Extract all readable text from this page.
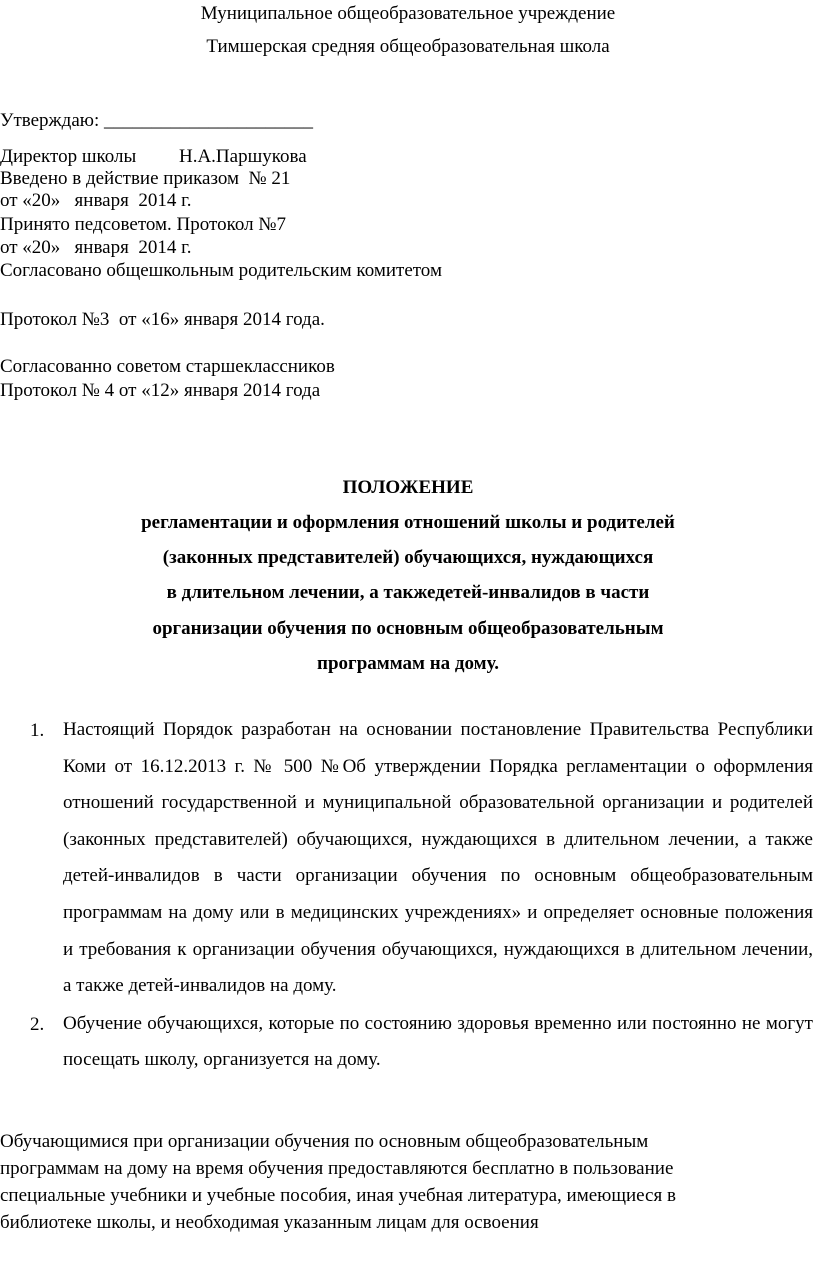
Муниципальное общеобразовательное учреждение
Тимшерская средняя общеобразовательная школа
Утверждаю: ______________________
Директор школы         Н.А.Паршукова
Введено в действие приказом  № 21
от «20»   января  2014 г.
Принято педсоветом. Протокол №7
от «20»   января  2014 г.
Согласовано общешкольным родительским комитетом
Протокол №3  от «16» января 2014 года.
Согласованно советом старшеклассников
Протокол № 4 от «12» января 2014 года
ПОЛОЖЕНИЕ
регламентации и оформления отношений школы и родителей
(законных представителей) обучающихся, нуждающихся
в длительном лечении, а такжедетей-инвалидов в части
организации обучения по основным общеобразовательным
программам на дому.
1. Настоящий Порядок разработан на основании постановление Правительства Республики Коми от 16.12.2013 г. № 500 №Об утверждении Порядка регламентации о оформления отношений государственной и муниципальной образовательной организации и родителей (законных представителей) обучающихся, нуждающихся в длительном лечении, а также детей-инвалидов в части организации обучения по основным общеобразовательным программам на дому или в медицинских учреждениях» и определяет основные положения и требования к организации обучения обучающихся, нуждающихся в длительном лечении, а также детей-инвалидов на дому.
2. Обучение обучающихся, которые по состоянию здоровья временно или постоянно не могут посещать школу, организуется на дому.
Обучающимися при организации обучения по основным общеобразовательным
программам на дому на время обучения предоставляются бесплатно в пользование
специальные учебники и учебные пособия, иная учебная литература, имеющиеся в
библиотеке школы, и необходимая указанным лицам для освоения
